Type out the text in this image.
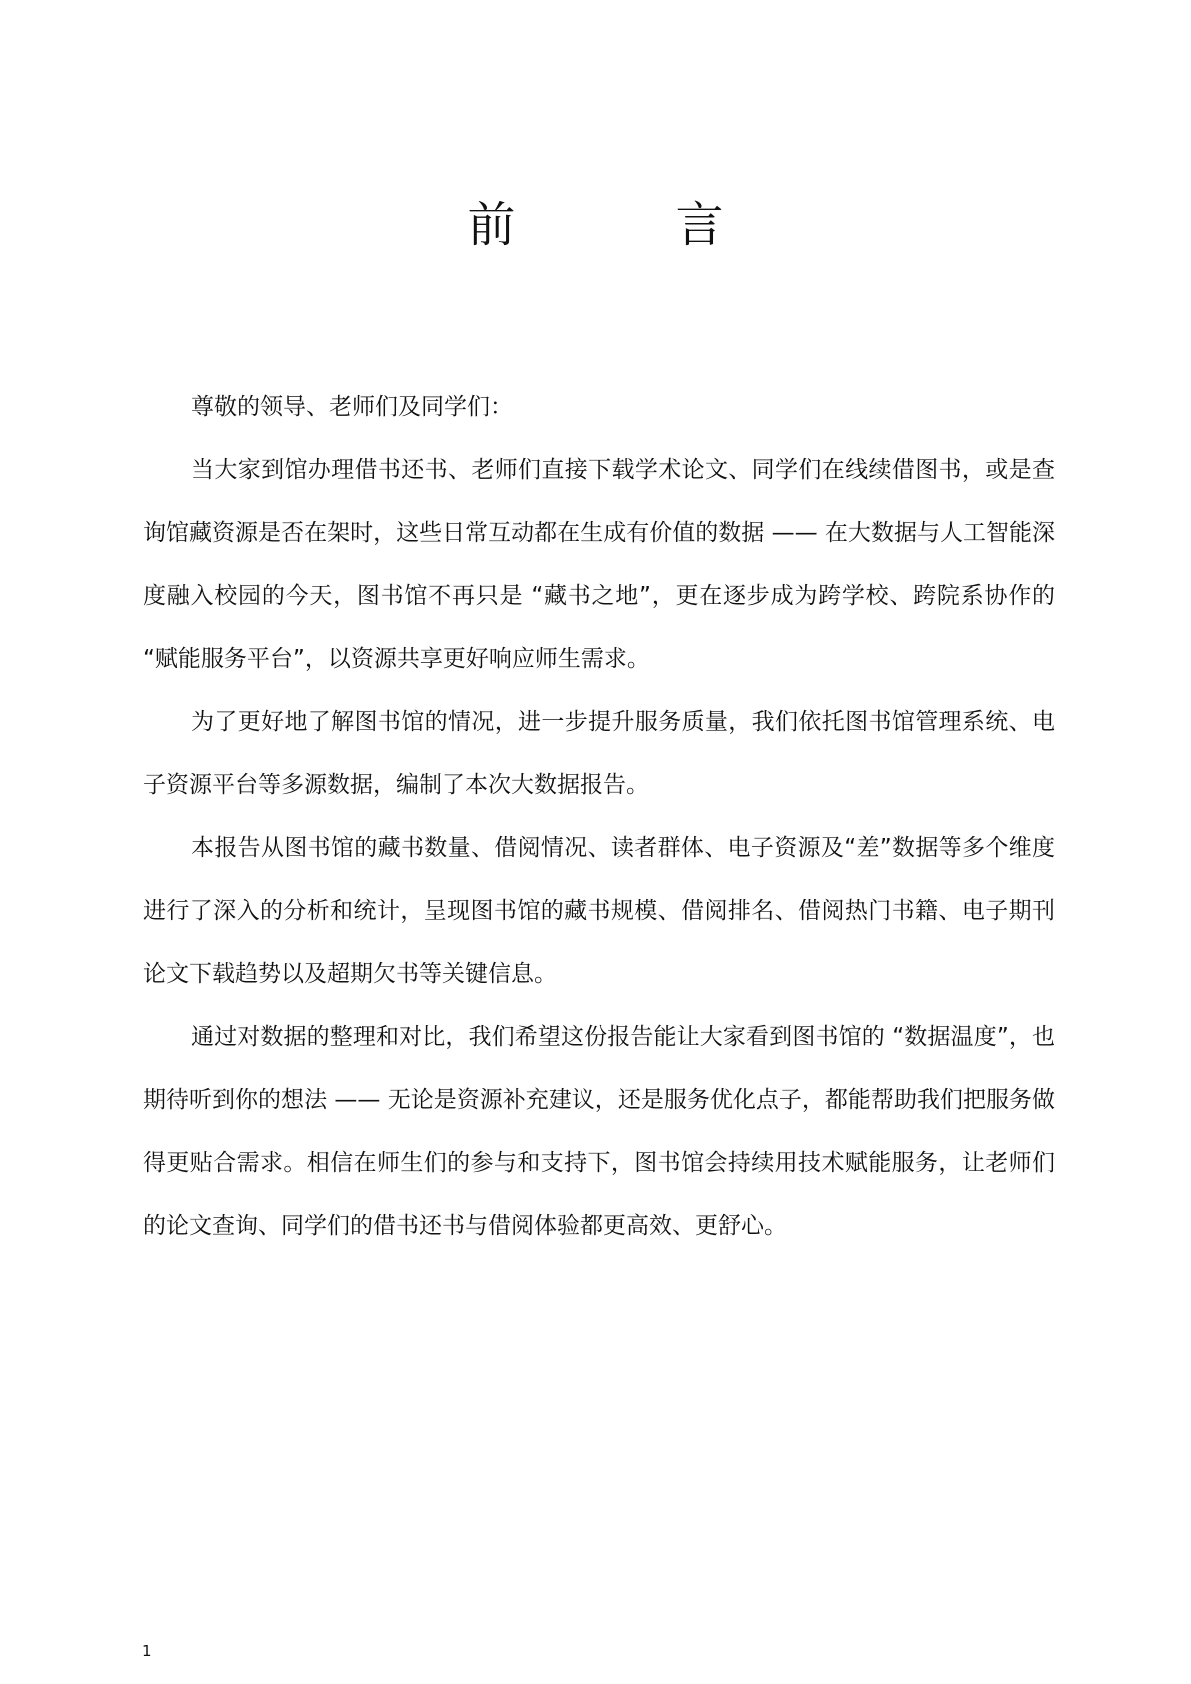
前言

尊敬的领导、老师们及同学们：

当大家到馆办理借书还书、老师们直接下载学术论文、同学们在线续借图书，或是查询馆藏资源是否在架时，这些日常互动都在生成有价值的数据 —— 在大数据与人工智能深度融入校园的今天，图书馆不再只是 “藏书之地”，更在逐步成为跨学校、跨院系协作的 “赋能服务平台”，以资源共享更好响应师生需求。

为了更好地了解图书馆的情况，进一步提升服务质量，我们依托图书馆管理系统、电子资源平台等多源数据，编制了本次大数据报告。

本报告从图书馆的藏书数量、借阅情况、读者群体、电子资源及“差”数据等多个维度进行了深入的分析和统计，呈现图书馆的藏书规模、借阅排名、借阅热门书籍、电子期刊论文下载趋势以及超期欠书等关键信息。

通过对数据的整理和对比，我们希望这份报告能让大家看到图书馆的 “数据温度”，也期待听到你的想法 —— 无论是资源补充建议，还是服务优化点子，都能帮助我们把服务做得更贴合需求。相信在师生们的参与和支持下，图书馆会持续用技术赋能服务，让老师们的论文查询、同学们的借书还书与借阅体验都更高效、更舒心。

1
